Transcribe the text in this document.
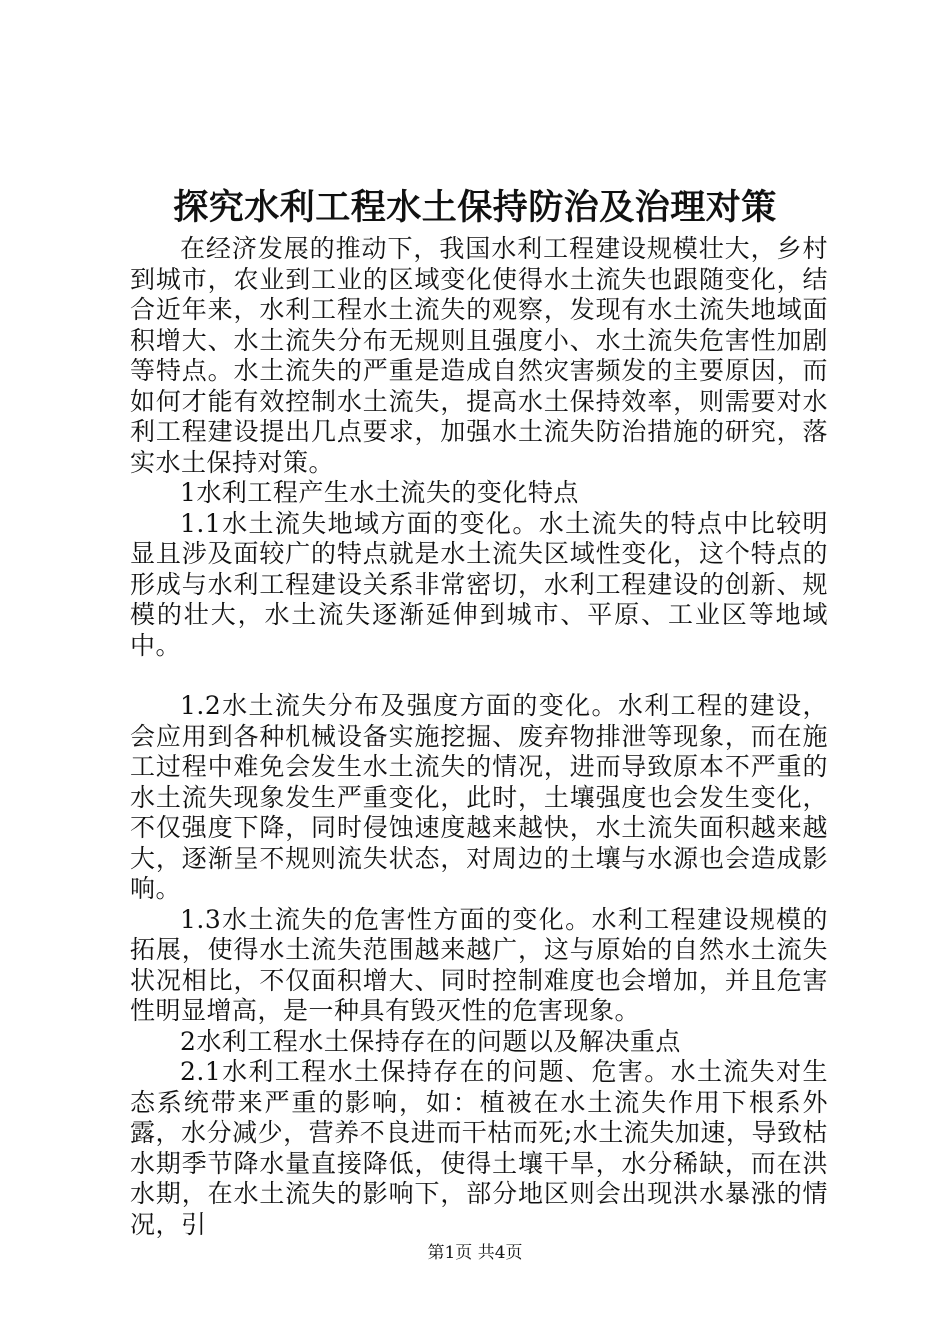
探究水利工程水土保持防治及治理对策

在经济发展的推动下，我国水利工程建设规模壮大，乡村到城市，农业到工业的区域变化使得水土流失也跟随变化，结合近年来，水利工程水土流失的观察，发现有水土流失地域面积增大、水土流失分布无规则且强度小、水土流失危害性加剧等特点。水土流失的严重是造成自然灾害频发的主要原因，而如何才能有效控制水土流失，提高水土保持效率，则需要对水利工程建设提出几点要求，加强水土流失防治措施的研究，落实水土保持对策。

1水利工程产生水土流失的变化特点

1.1水土流失地域方面的变化。水土流失的特点中比较明显且涉及面较广的特点就是水土流失区域性变化，这个特点的形成与水利工程建设关系非常密切，水利工程建设的创新、规模的壮大，水土流失逐渐延伸到城市、平原、工业区等地域中。

1.2水土流失分布及强度方面的变化。水利工程的建设，会应用到各种机械设备实施挖掘、废弃物排泄等现象，而在施工过程中难免会发生水土流失的情况，进而导致原本不严重的水土流失现象发生严重变化，此时，土壤强度也会发生变化，不仅强度下降，同时侵蚀速度越来越快，水土流失面积越来越大，逐渐呈不规则流失状态，对周边的土壤与水源也会造成影响。

1.3水土流失的危害性方面的变化。水利工程建设规模的拓展，使得水土流失范围越来越广，这与原始的自然水土流失状况相比，不仅面积增大、同时控制难度也会增加，并且危害性明显增高，是一种具有毁灭性的危害现象。

2水利工程水土保持存在的问题以及解决重点

2.1水利工程水土保持存在的问题、危害。水土流失对生态系统带来严重的影响，如：植被在水土流失作用下根系外露，水分减少，营养不良进而干枯而死;水土流失加速，导致枯水期季节降水量直接降低，使得土壤干旱，水分稀缺，而在洪水期，在水土流失的影响下，部分地区则会出现洪水暴涨的情况，引

第1页 共4页
